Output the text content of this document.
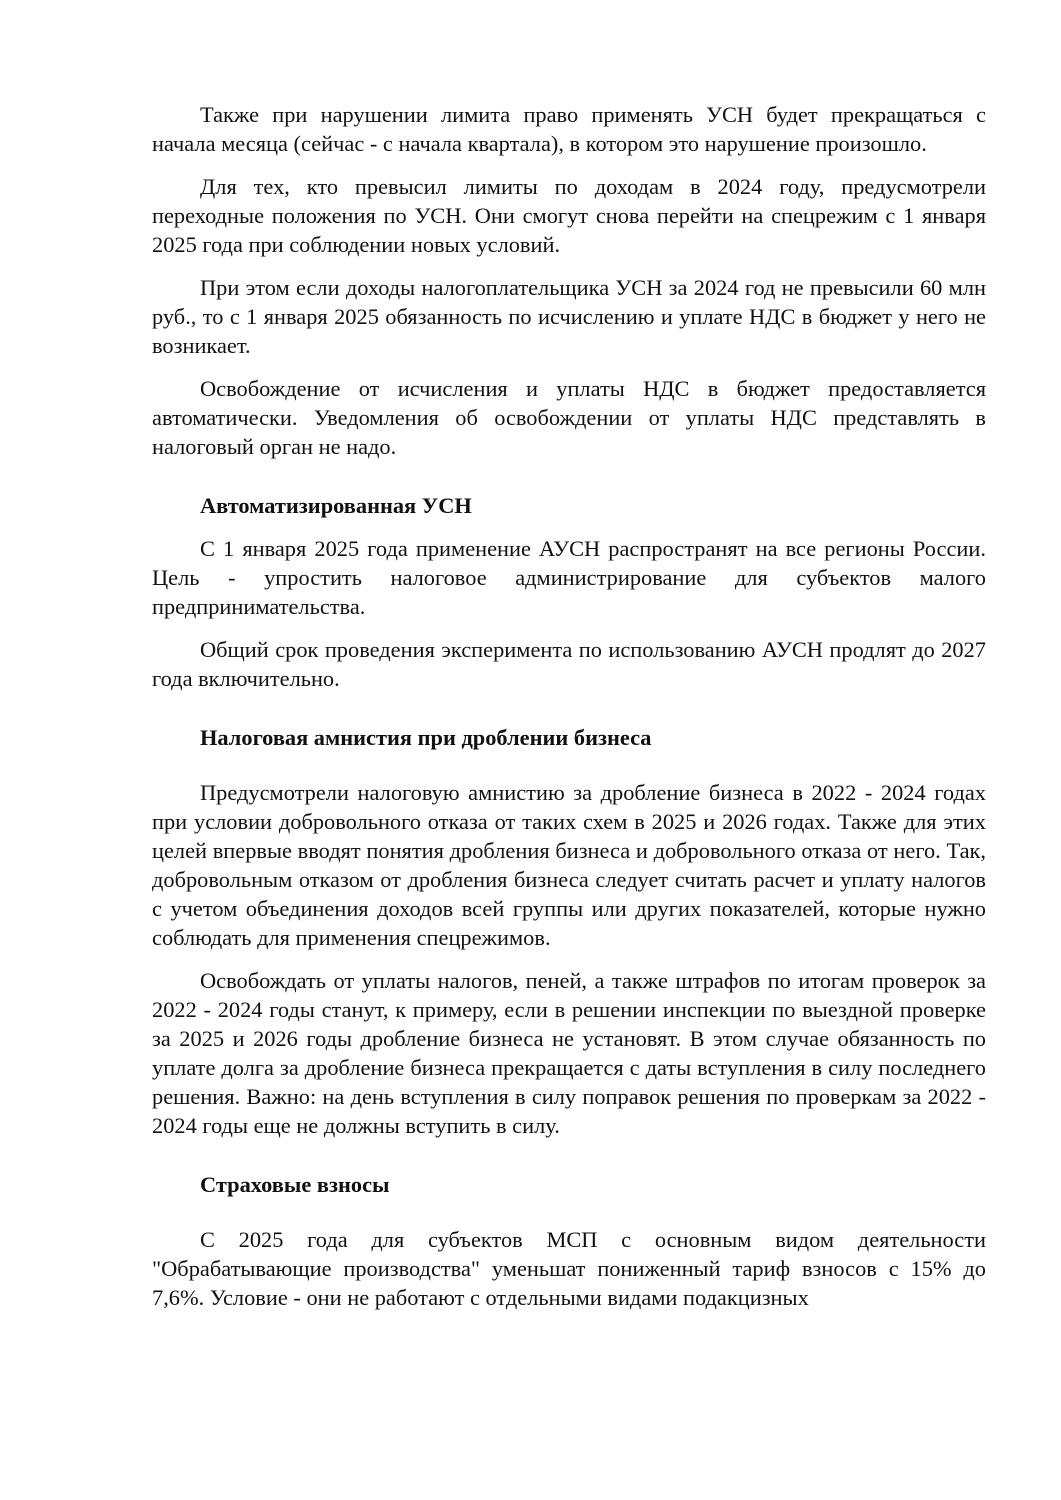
Также при нарушении лимита право применять УСН будет прекращаться с начала месяца (сейчас - с начала квартала), в котором это нарушение произошло.

Для тех, кто превысил лимиты по доходам в 2024 году, предусмотрели переходные положения по УСН. Они смогут снова перейти на спецрежим с 1 января 2025 года при соблюдении новых условий.

При этом если доходы налогоплательщика УСН за 2024 год не превысили 60 млн руб., то с 1 января 2025 обязанность по исчислению и уплате НДС в бюджет у него не возникает.

Освобождение от исчисления и уплаты НДС в бюджет предоставляется автоматически. Уведомления об освобождении от уплаты НДС представлять в налоговый орган не надо.

Автоматизированная УСН

С 1 января 2025 года применение АУСН распространят на все регионы России. Цель - упростить налоговое администрирование для субъектов малого предпринимательства.

Общий срок проведения эксперимента по использованию АУСН продлят до 2027 года включительно.

Налоговая амнистия при дроблении бизнеса

Предусмотрели налоговую амнистию за дробление бизнеса в 2022 - 2024 годах при условии добровольного отказа от таких схем в 2025 и 2026 годах. Также для этих целей впервые вводят понятия дробления бизнеса и добровольного отказа от него. Так, добровольным отказом от дробления бизнеса следует считать расчет и уплату налогов с учетом объединения доходов всей группы или других показателей, которые нужно соблюдать для применения спецрежимов.

Освобождать от уплаты налогов, пеней, а также штрафов по итогам проверок за 2022 - 2024 годы станут, к примеру, если в решении инспекции по выездной проверке за 2025 и 2026 годы дробление бизнеса не установят. В этом случае обязанность по уплате долга за дробление бизнеса прекращается с даты вступления в силу последнего решения. Важно: на день вступления в силу поправок решения по проверкам за 2022 - 2024 годы еще не должны вступить в силу.

Страховые взносы

С 2025 года для субъектов МСП с основным видом деятельности "Обрабатывающие производства" уменьшат пониженный тариф взносов с 15% до 7,6%. Условие - они не работают с отдельными видами подакцизных
